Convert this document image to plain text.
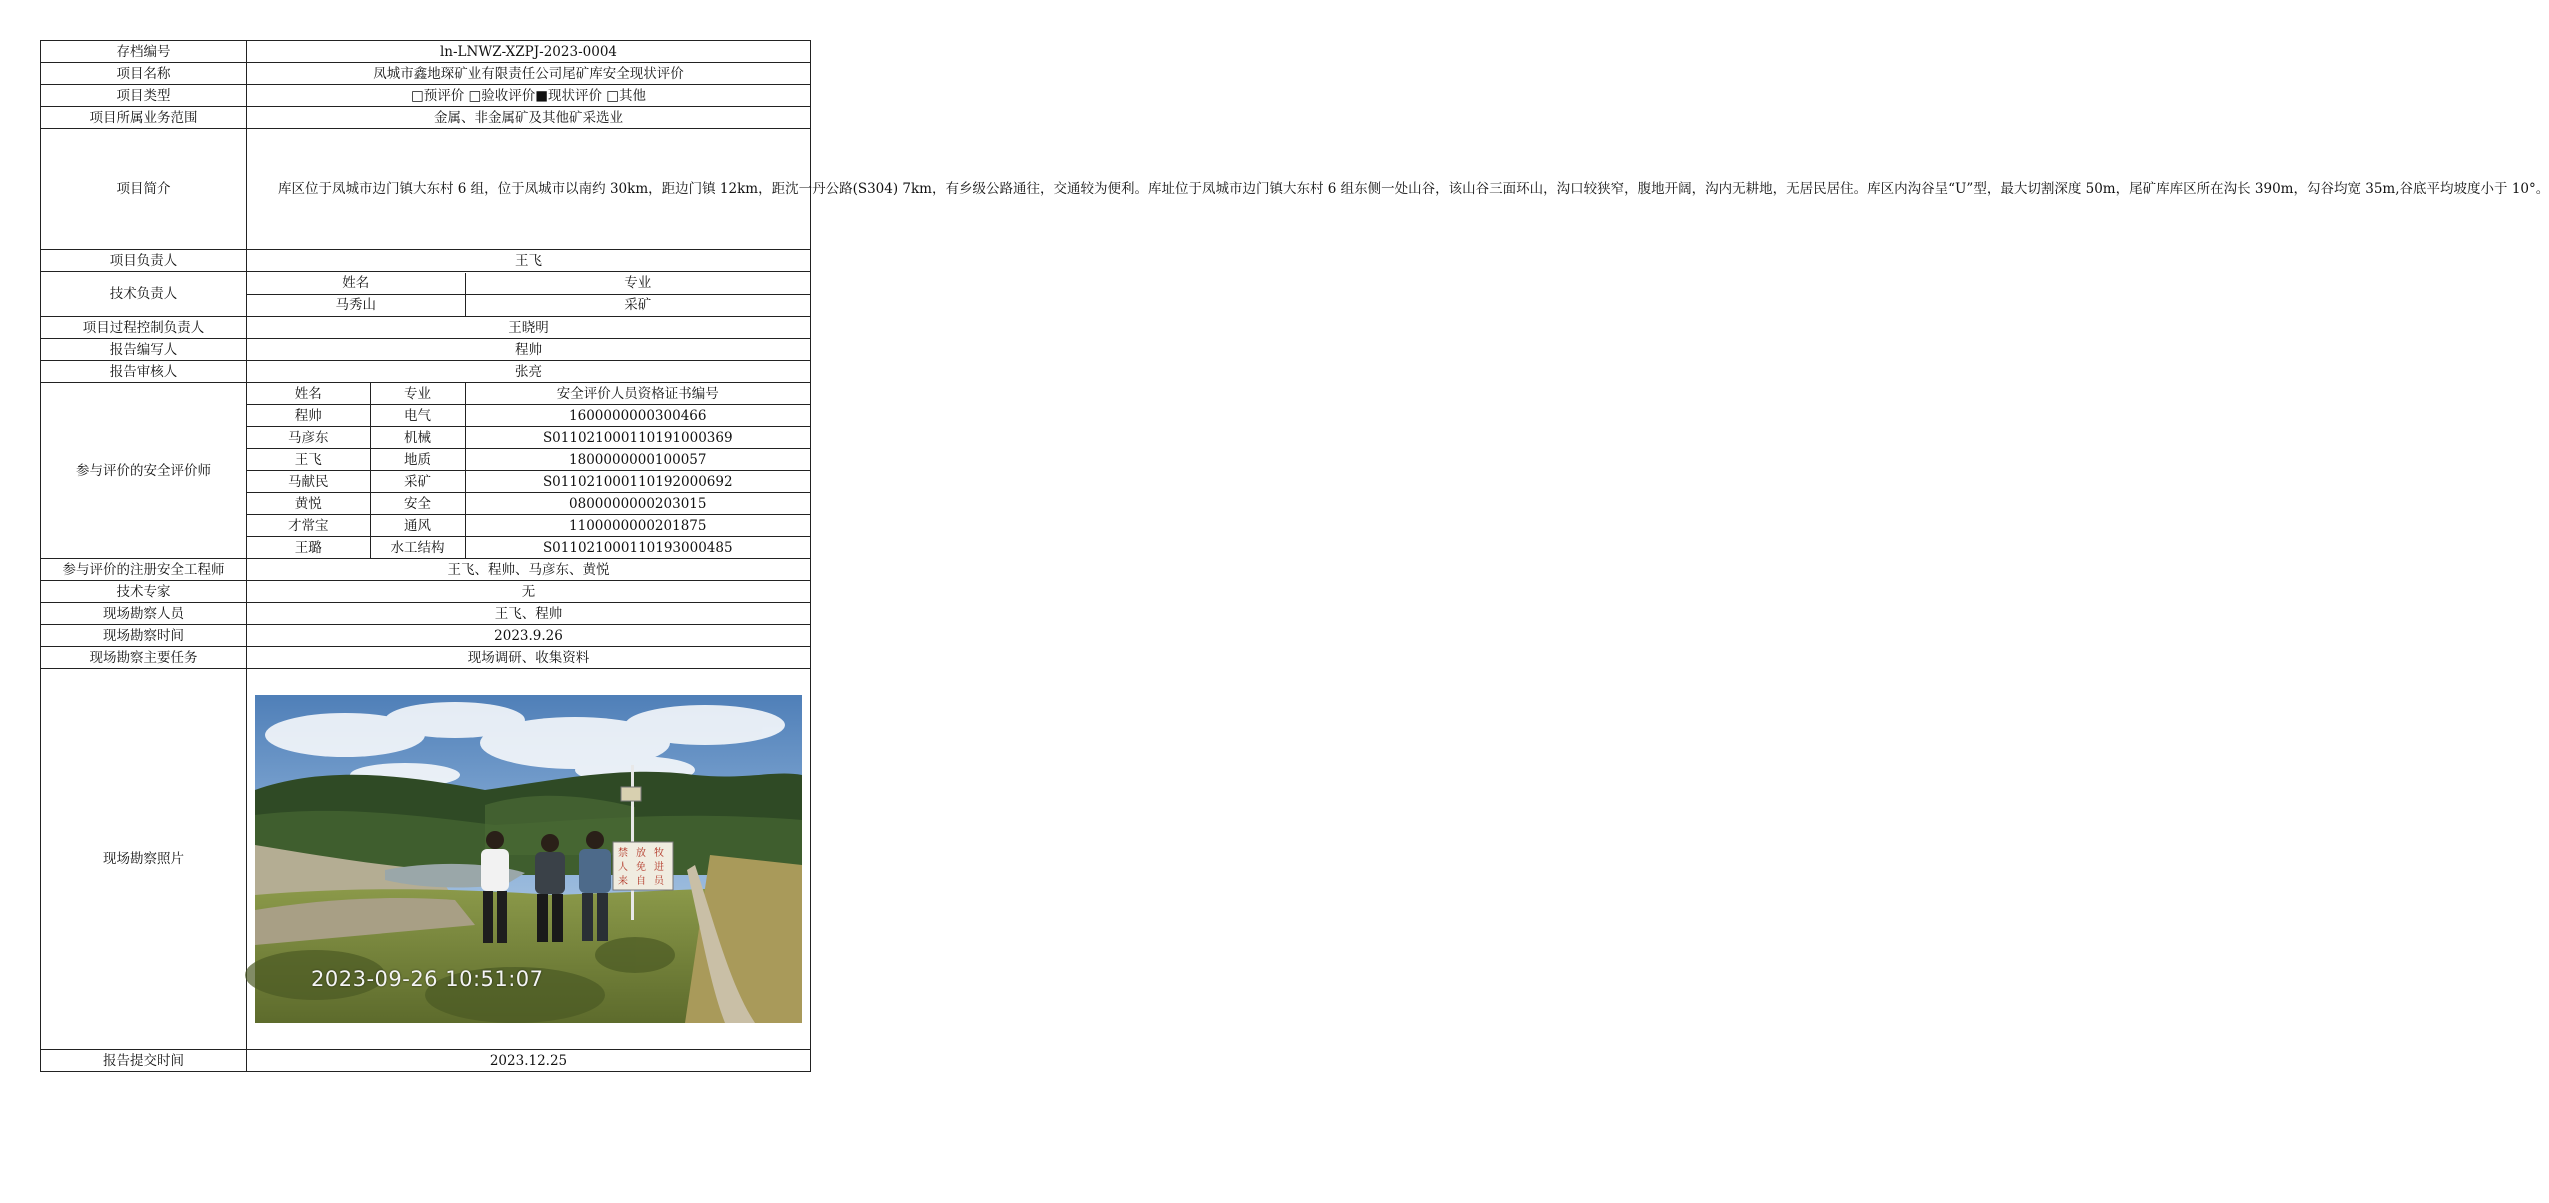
存档编号	ln-LNWZ-XZPJ-2023-0004
项目名称	凤城市鑫地琛矿业有限责任公司尾矿库安全现状评价
项目类型	□预评价 □验收评价■现状评价 □其他
项目所属业务范围	金属、非金属矿及其他矿采选业
项目简介	库区位于凤城市边门镇大东村 6 组，位于凤城市以南约 30km，距边门镇 12km，距沈一丹公路(S304) 7km，有乡级公路通往，交通较为便利。库址位于凤城市边门镇大东村 6 组东侧一处山谷，该山谷三面环山，沟口较狭窄，腹地开阔，沟内无耕地，无居民居住。库区内沟谷呈“U”型，最大切割深度 50m，尾矿库库区所在沟长 390m，勾谷均宽 35m,谷底平均坡度小于 10°。

项目负责人	王飞
技术负责人	
姓名	专业
马秀山	采矿

项目过程控制负责人	王晓明
报告编写人	程帅
报告审核人	张亮
参与评价的安全评价师	
姓名	专业	安全评价人员资格证书编号
程帅	电气	1600000000300466
马彦东	机械	S011021000110191000369
王飞	地质	1800000000100057
马献民	采矿	S011021000110192000692
黄悦	安全	0800000000203015
才常宝	通风	1100000000201875
王璐	水工结构	S011021000110193000485

参与评价的注册安全工程师	王飞、程帅、马彦东、黄悦
技术专家	无
现场勘察人员	王飞、程帅
现场勘察时间	2023.9.26
现场勘察主要任务	现场调研、收集资料
现场勘察照片	禁 放 牧
人 免 进
来 自 员
2023-09-26 10:51:07

报告提交时间	2023.12.25
